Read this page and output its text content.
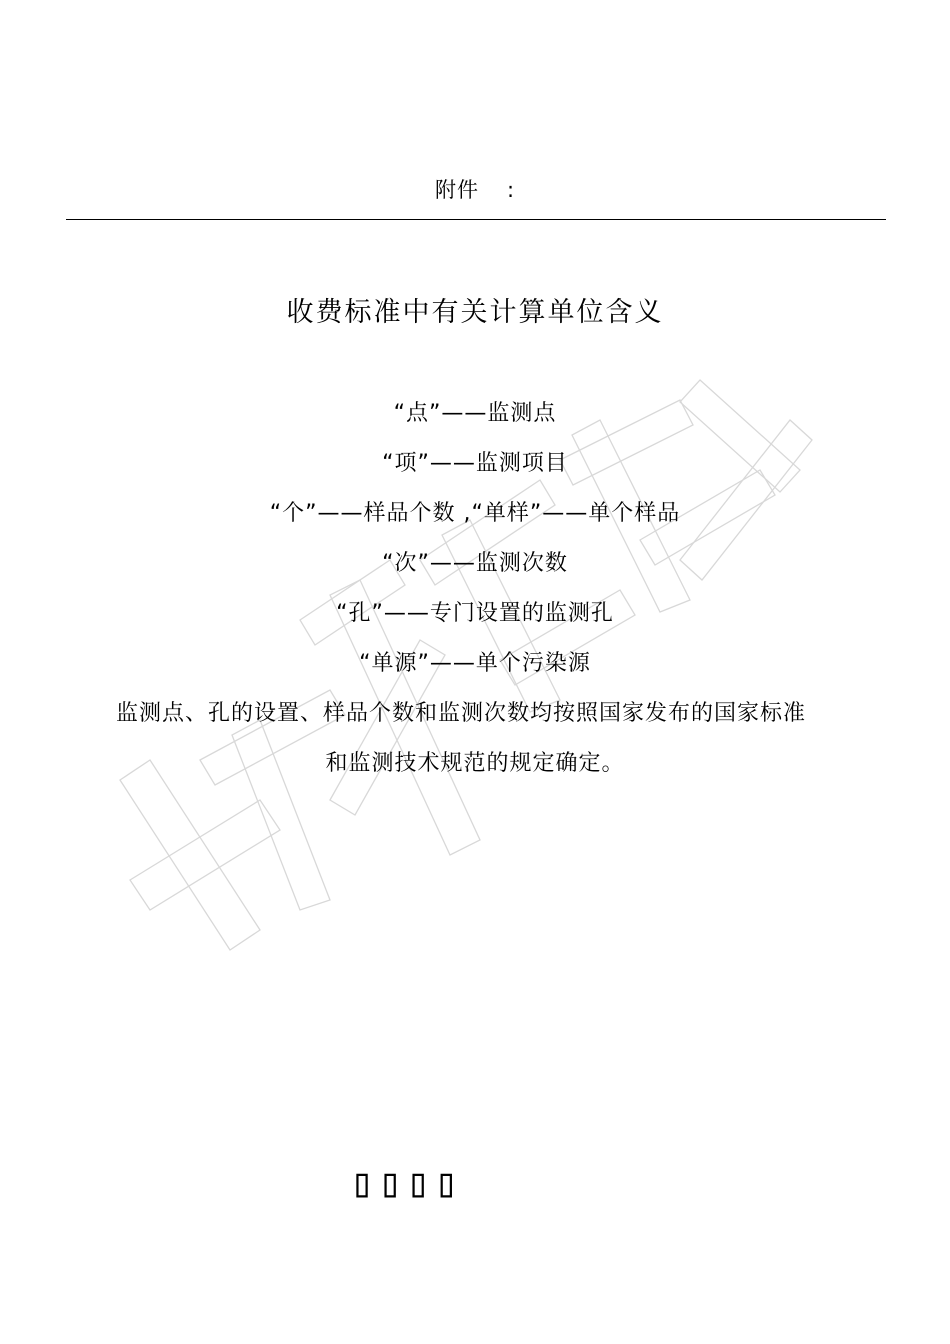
附件 :
收费标准中有关计算单位含义
“点”——监测点
“项”——监测项目
“个”——样品个数 ,“单样”——单个样品
“次”——监测次数
“孔”——专门设置的监测孔
“单源”——单个污染源
监测点、孔的设置、样品个数和监测次数均按照国家发布的国家标准
和监测技术规范的规定确定。
▯▯▯▯
